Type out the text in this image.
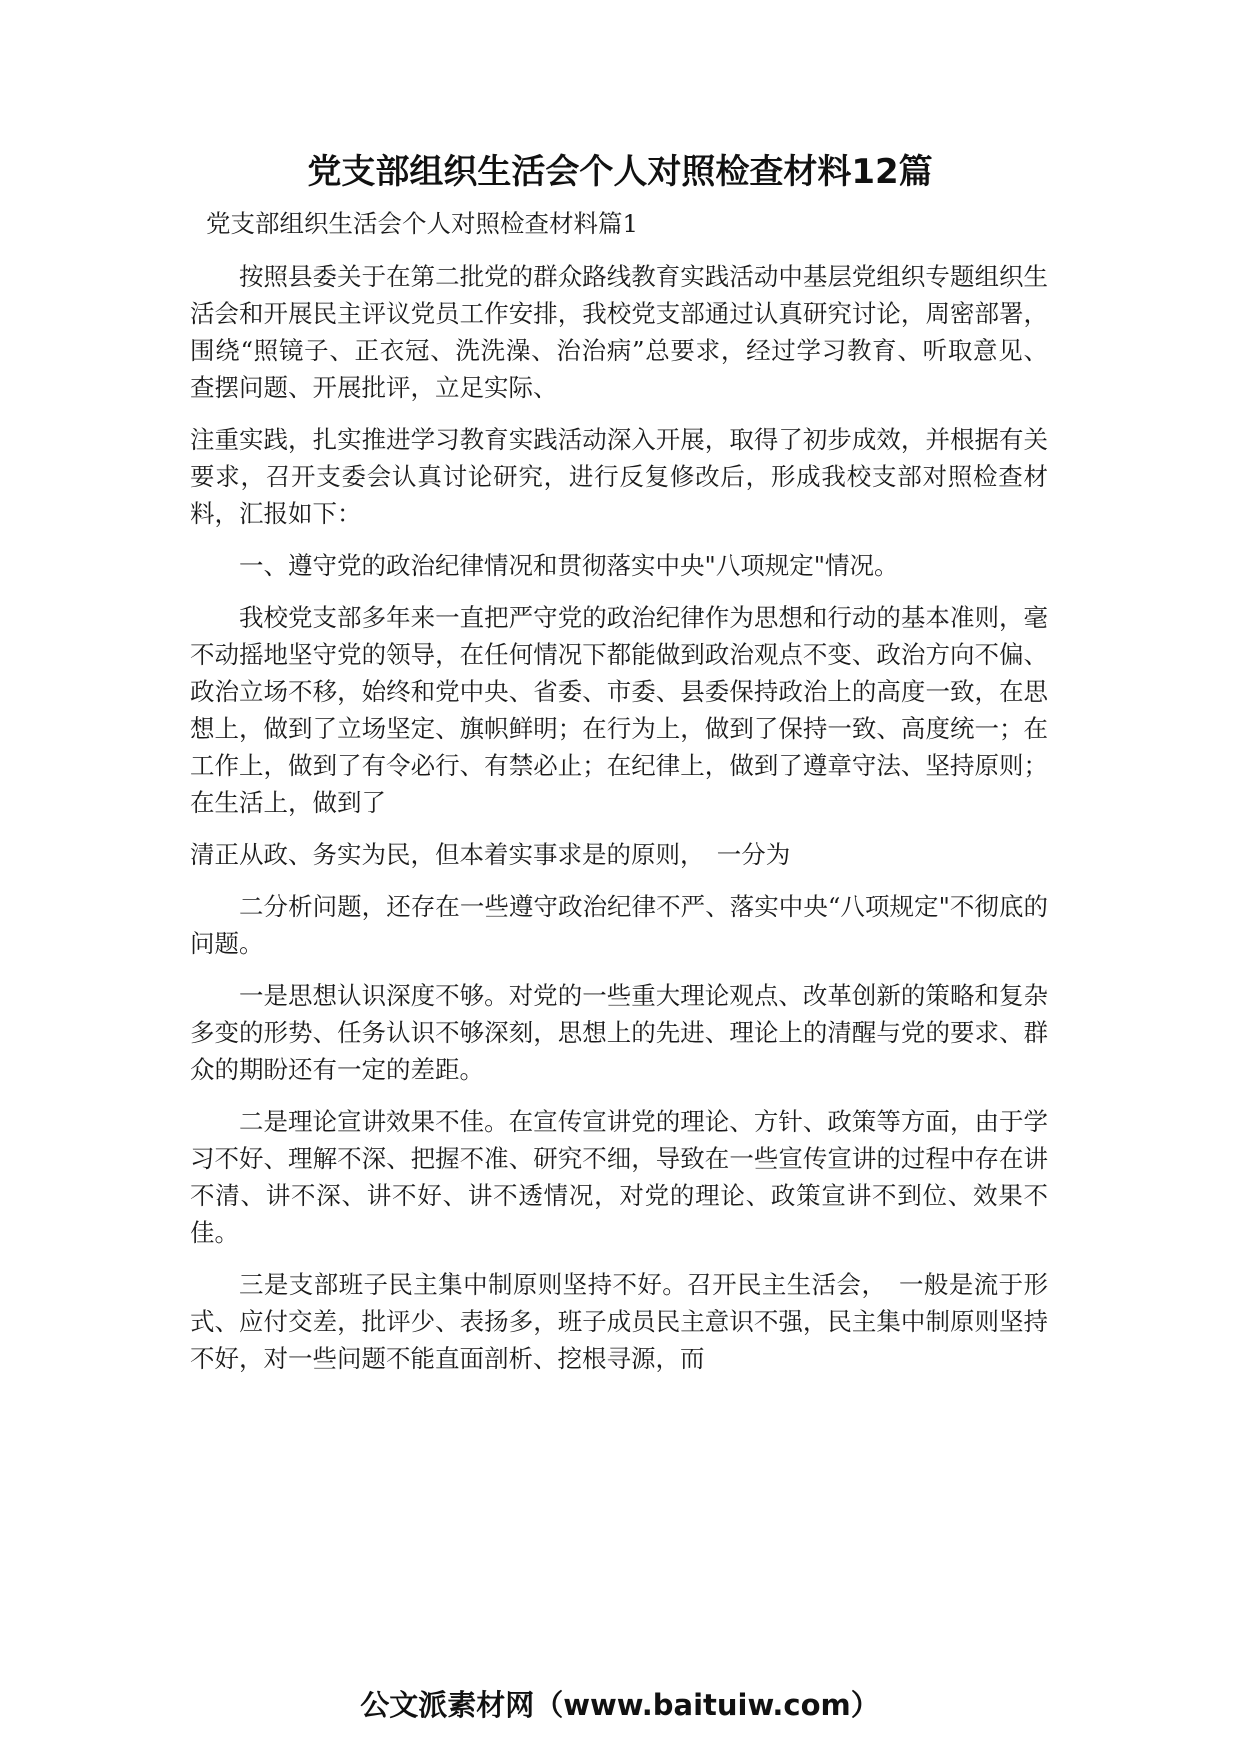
党支部组织生活会个人对照检查材料12篇

党支部组织生活会个人对照检查材料篇1

按照县委关于在第二批党的群众路线教育实践活动中基层党组织专题组织生活会和开展民主评议党员工作安排，我校党支部通过认真研究讨论，周密部署，围绕“照镜子、正衣冠、洗洗澡、治治病”总要求，经过学习教育、听取意见、查摆问题、开展批评，立足实际、

注重实践，扎实推进学习教育实践活动深入开展，取得了初步成效，并根据有关要求，召开支委会认真讨论研究，进行反复修改后，形成我校支部对照检查材料，汇报如下：

一、遵守党的政治纪律情况和贯彻落实中央"八项规定"情况。

我校党支部多年来一直把严守党的政治纪律作为思想和行动的基本准则，毫不动摇地坚守党的领导，在任何情况下都能做到政治观点不变、政治方向不偏、政治立场不移，始终和党中央、省委、市委、县委保持政治上的高度一致，在思想上，做到了立场坚定、旗帜鲜明；在行为上，做到了保持一致、高度统一；在工作上，做到了有令必行、有禁必止；在纪律上，做到了遵章守法、坚持原则；在生活上，做到了

清正从政、务实为民，但本着实事求是的原则，　一分为

二分析问题，还存在一些遵守政治纪律不严、落实中央“八项规定"不彻底的问题。

一是思想认识深度不够。对党的一些重大理论观点、改革创新的策略和复杂多变的形势、任务认识不够深刻，思想上的先进、理论上的清醒与党的要求、群众的期盼还有一定的差距。

二是理论宣讲效果不佳。在宣传宣讲党的理论、方针、政策等方面，由于学习不好、理解不深、把握不准、研究不细，导致在一些宣传宣讲的过程中存在讲不清、讲不深、讲不好、讲不透情况，对党的理论、政策宣讲不到位、效果不佳。

三是支部班子民主集中制原则坚持不好。召开民主生活会，　一般是流于形式、应付交差，批评少、表扬多，班子成员民主意识不强，民主集中制原则坚持不好，对一些问题不能直面剖析、挖根寻源，而

公文派素材网（www.baituiw.com）
